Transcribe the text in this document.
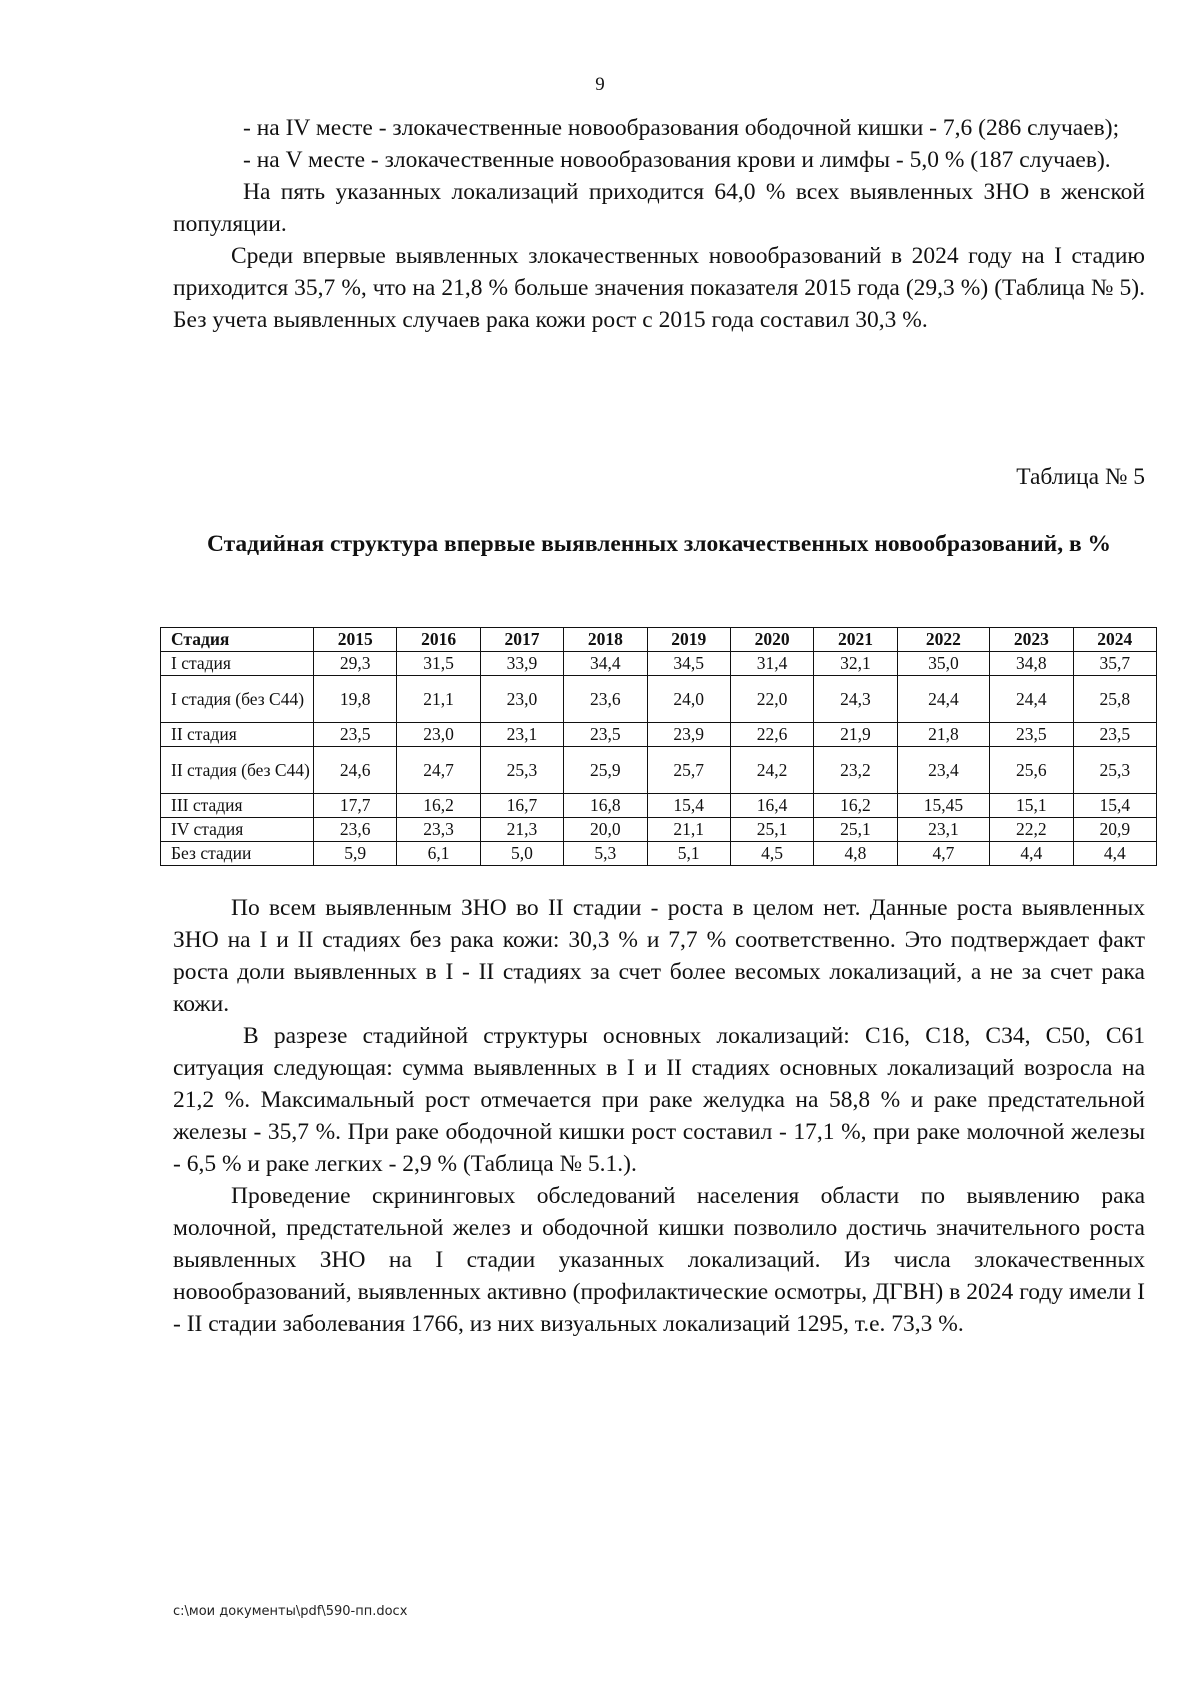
9

- на IV месте - злокачественные новообразования ободочной кишки - 7,6 (286 случаев);

- на V месте - злокачественные новообразования крови и лимфы - 5,0 % (187 случаев).

На пять указанных локализаций приходится 64,0 % всех выявленных ЗНО в женской популяции.

Среди впервые выявленных злокачественных новообразований в 2024 году на I стадию приходится 35,7 %, что на 21,8 % больше значения показателя 2015 года (29,3 %) (Таблица № 5). Без учета выявленных случаев рака кожи рост с 2015 года составил 30,3 %.

Таблица № 5
Стадийная структура впервые выявленных злокачественных новообразований, в %
Стадия	2015	2016	2017	2018	2019	2020	2021	2022	2023	2024
I стадия	29,3	31,5	33,9	34,4	34,5	31,4	32,1	35,0	34,8	35,7
I стадия (без С44)	19,8	21,1	23,0	23,6	24,0	22,0	24,3	24,4	24,4	25,8
II стадия	23,5	23,0	23,1	23,5	23,9	22,6	21,9	21,8	23,5	23,5
II стадия (без С44)	24,6	24,7	25,3	25,9	25,7	24,2	23,2	23,4	25,6	25,3
III стадия	17,7	16,2	16,7	16,8	15,4	16,4	16,2	15,45	15,1	15,4
IV стадия	23,6	23,3	21,3	20,0	21,1	25,1	25,1	23,1	22,2	20,9
Без стадии	5,9	6,1	5,0	5,3	5,1	4,5	4,8	4,7	4,4	4,4

По всем выявленным ЗНО во II стадии - роста в целом нет. Данные роста выявленных ЗНО на I и II стадиях без рака кожи: 30,3 % и 7,7 % соответственно. Это подтверждает факт роста доли выявленных в I - II стадиях за счет более весомых локализаций, а не за счет рака кожи.

В разрезе стадийной структуры основных локализаций: С16, С18, С34, С50, С61 ситуация следующая: сумма выявленных в I и II стадиях основных локализаций возросла на 21,2 %. Максимальный рост отмечается при раке желудка на 58,8 % и раке предстательной железы - 35,7 %. При раке ободочной кишки рост составил - 17,1 %, при раке молочной железы - 6,5 % и раке легких - 2,9 % (Таблица № 5.1.).

Проведение скрининговых обследований населения области по выявлению рака молочной, предстательной желез и ободочной кишки позволило достичь значительного роста выявленных ЗНО на I стадии указанных локализаций. Из числа злокачественных новообразований, выявленных активно (профилактические осмотры, ДГВН) в 2024 году имели I - II стадии заболевания 1766, из них визуальных локализаций 1295, т.е. 73,3 %.

c:\мои документы\pdf\590-пп.docx
